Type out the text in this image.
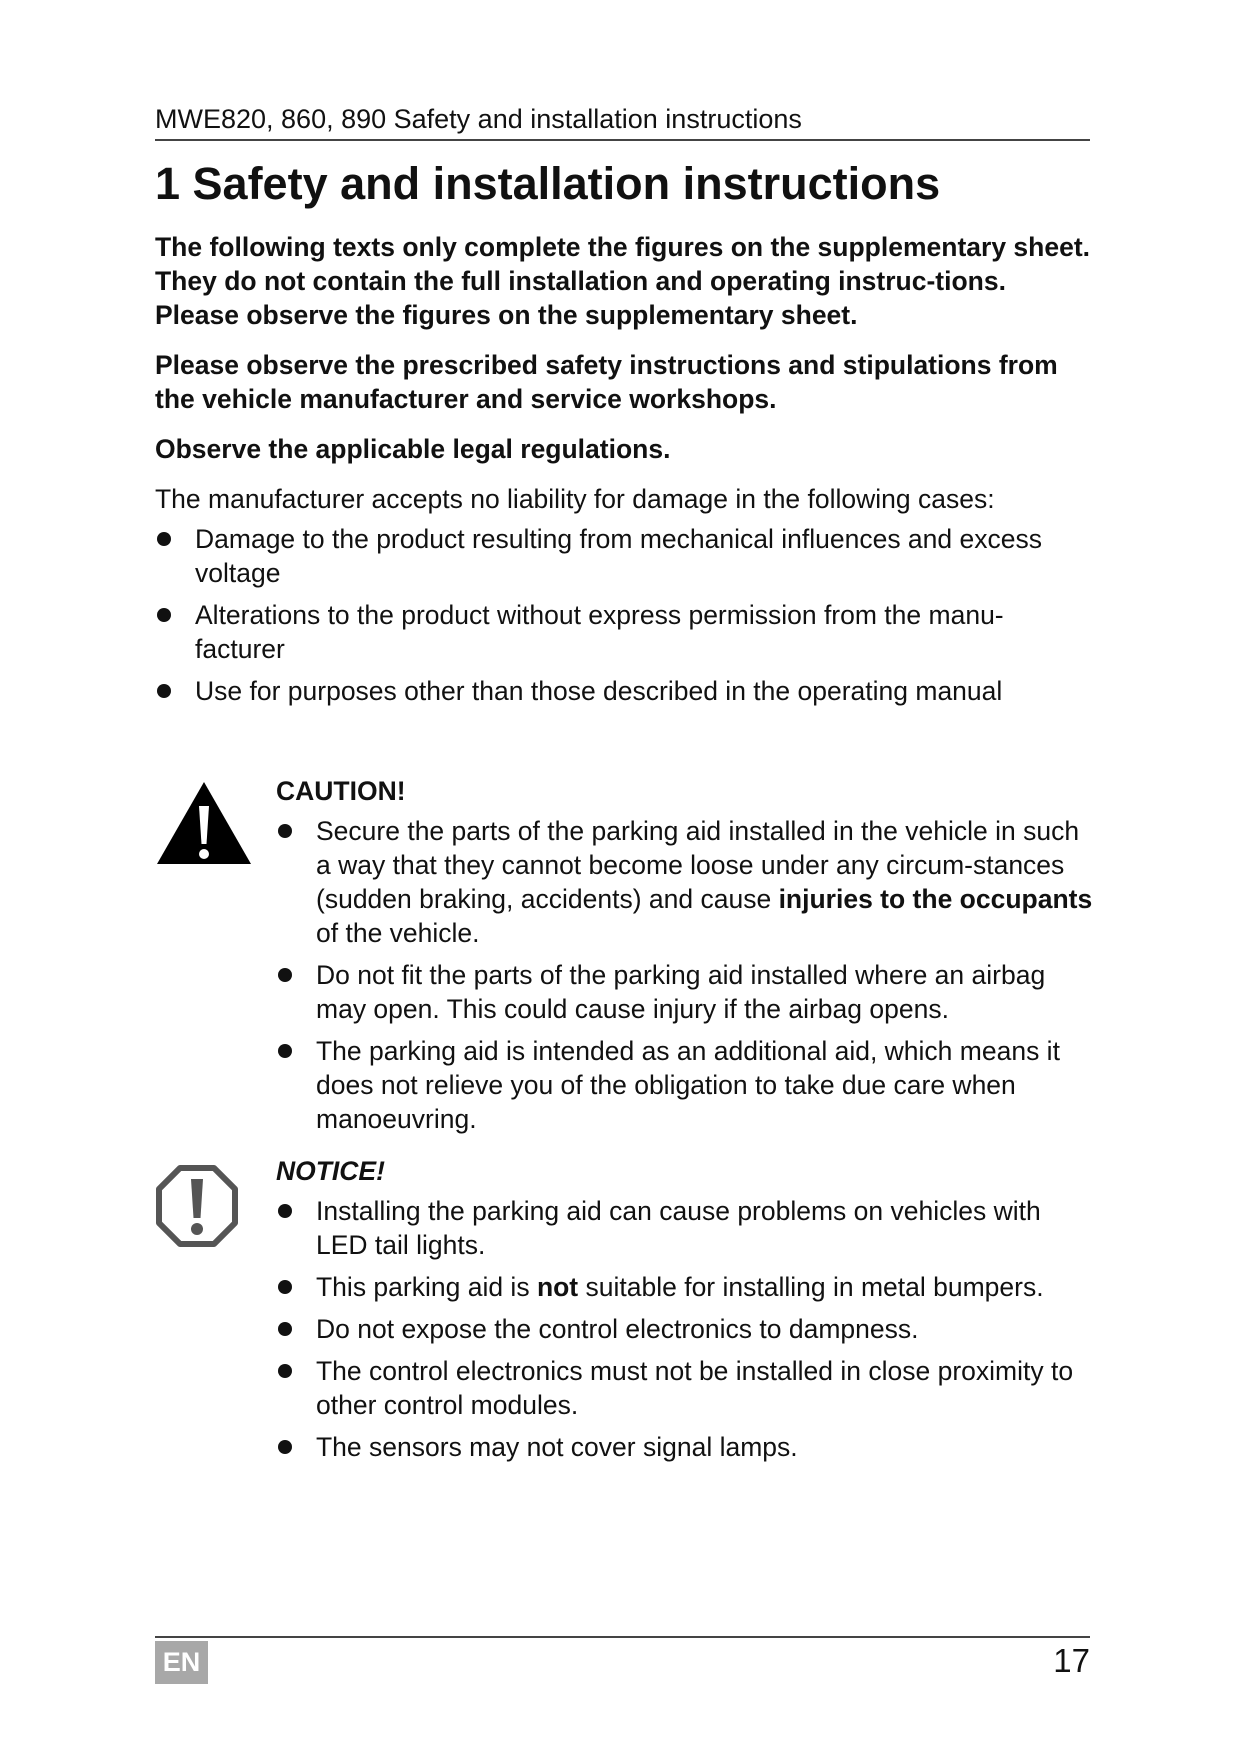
MWE820, 860, 890 Safety and installation instructions
1 Safety and installation instructions

The following texts only complete the figures on the supplementary sheet. They do not contain the full installation and operating instruc-tions. Please observe the figures on the supplementary sheet.

Please observe the prescribed safety instructions and stipulations from the vehicle manufacturer and service workshops.

Observe the applicable legal regulations.

The manufacturer accepts no liability for damage in the following cases:

Damage to the product resulting from mechanical influences and excess voltage
Alterations to the product without express permission from the manu-facturer
Use for purposes other than those described in the operating manual

CAUTION!

Secure the parts of the parking aid installed in the vehicle in such a way that they cannot become loose under any circum-stances (sudden braking, accidents) and cause injuries to the occupants of the vehicle.
Do not fit the parts of the parking aid installed where an airbag may open. This could cause injury if the airbag opens.
The parking aid is intended as an additional aid, which means it does not relieve you of the obligation to take due care when manoeuvring.

NOTICE!

Installing the parking aid can cause problems on vehicles with LED tail lights.
This parking aid is not suitable for installing in metal bumpers.
Do not expose the control electronics to dampness.
The control electronics must not be installed in close proximity to other control modules.
The sensors may not cover signal lamps.
EN	17
